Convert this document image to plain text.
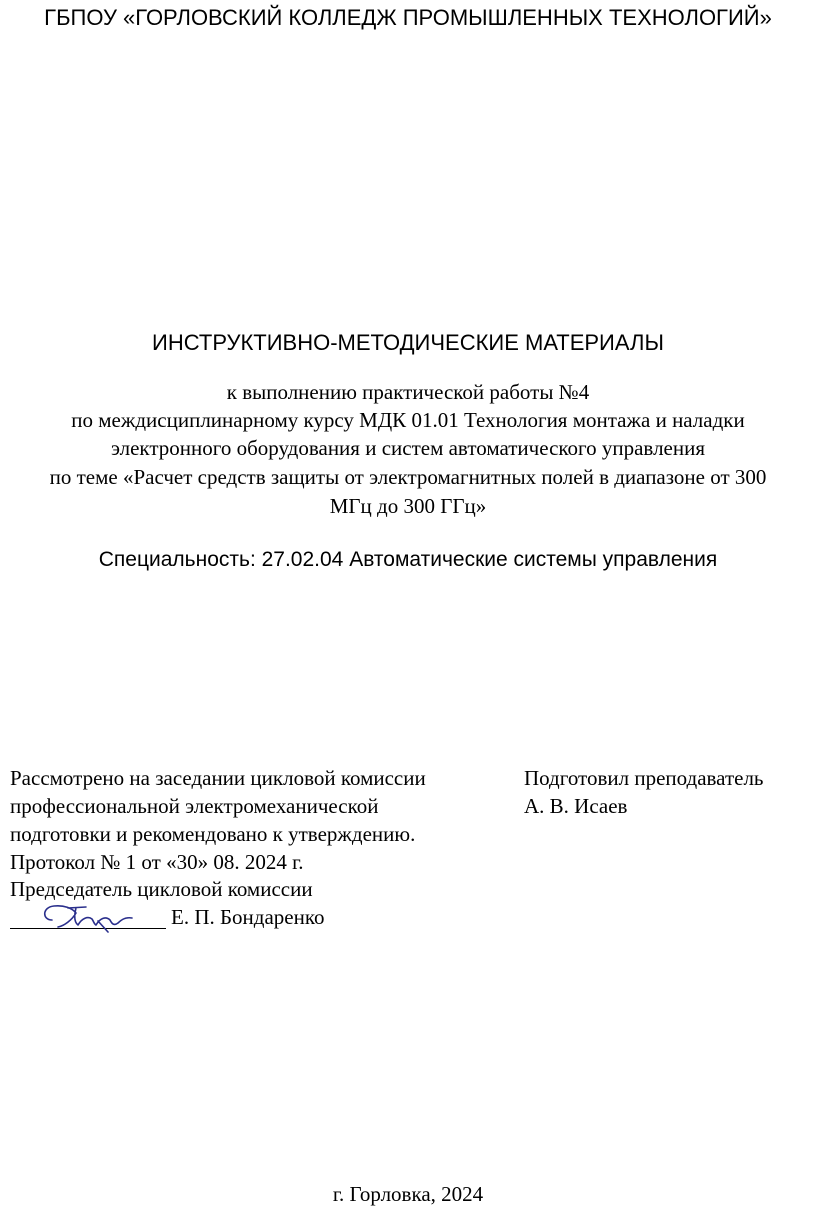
ГБПОУ «ГОРЛОВСКИЙ КОЛЛЕДЖ ПРОМЫШЛЕННЫХ ТЕХНОЛОГИЙ»
ИНСТРУКТИВНО-МЕТОДИЧЕСКИЕ МАТЕРИАЛЫ
к выполнению практической работы №4
по междисциплинарному курсу МДК 01.01 Технология монтажа и наладки
электронного оборудования и систем автоматического управления
по теме «Расчет средств защиты от электромагнитных полей в диапазоне от 300
МГц до 300 ГГц»
Специальность: 27.02.04 Автоматические системы управления
Рассмотрено на заседании цикловой комиссии
профессиональной электромеханической
подготовки и рекомендовано к утверждению.
Протокол № 1 от «30» 08. 2024 г.
Председатель цикловой комиссии
Е. П. Бондаренко
Подготовил преподаватель
А. В. Исаев
г. Горловка, 2024
